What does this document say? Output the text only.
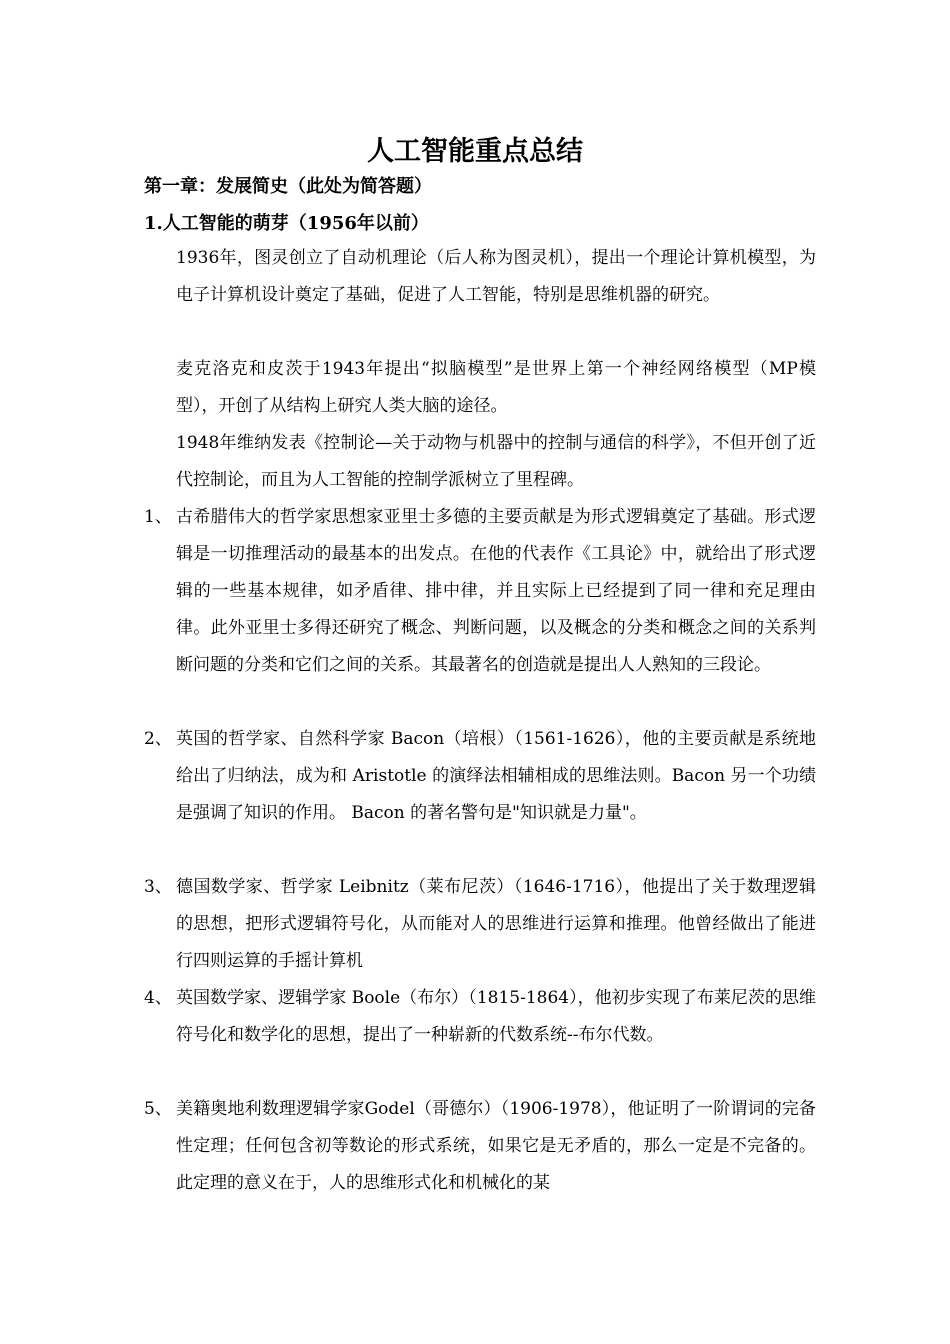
人工智能重点总结

第一章：发展简史（此处为简答题）

1.人工智能的萌芽（1956年以前）

1936年，图灵创立了自动机理论（后人称为图灵机），提出一个理论计算机模型，为电子计算机设计奠定了基础，促进了人工智能，特别是思维机器的研究。

麦克洛克和皮茨于1943年提出“拟脑模型”是世界上第一个神经网络模型（MP模型），开创了从结构上研究人类大脑的途径。

1948年维纳发表《控制论—关于动物与机器中的控制与通信的科学》，不但开创了近代控制论，而且为人工智能的控制学派树立了里程碑。

1、 古希腊伟大的哲学家思想家亚里士多德的主要贡献是为形式逻辑奠定了基础。形式逻辑是一切推理活动的最基本的出发点。在他的代表作《工具论》中，就给出了形式逻辑的一些基本规律，如矛盾律、排中律，并且实际上已经提到了同一律和充足理由律。此外亚里士多得还研究了概念、判断问题，以及概念的分类和概念之间的关系判断问题的分类和它们之间的关系。其最著名的创造就是提出人人熟知的三段论。
2、 英国的哲学家、自然科学家 Bacon（培根）（1561-1626），他的主要贡献是系统地给出了归纳法，成为和 Aristotle 的演绎法相辅相成的思维法则。Bacon 另一个功绩是强调了知识的作用。 Bacon 的著名警句是"知识就是力量"。
3、 德国数学家、哲学家 Leibnitz（莱布尼茨）（1646-1716），他提出了关于数理逻辑的思想，把形式逻辑符号化，从而能对人的思维进行运算和推理。他曾经做出了能进行四则运算的手摇计算机
4、 英国数学家、逻辑学家 Boole（布尔）（1815-1864），他初步实现了布莱尼茨的思维符号化和数学化的思想，提出了一种崭新的代数系统--布尔代数。
5、 美籍奥地利数理逻辑学家Godel（哥德尔）（1906-1978），他证明了一阶谓词的完备性定理；任何包含初等数论的形式系统，如果它是无矛盾的，那么一定是不完备的。此定理的意义在于，人的思维形式化和机械化的某
